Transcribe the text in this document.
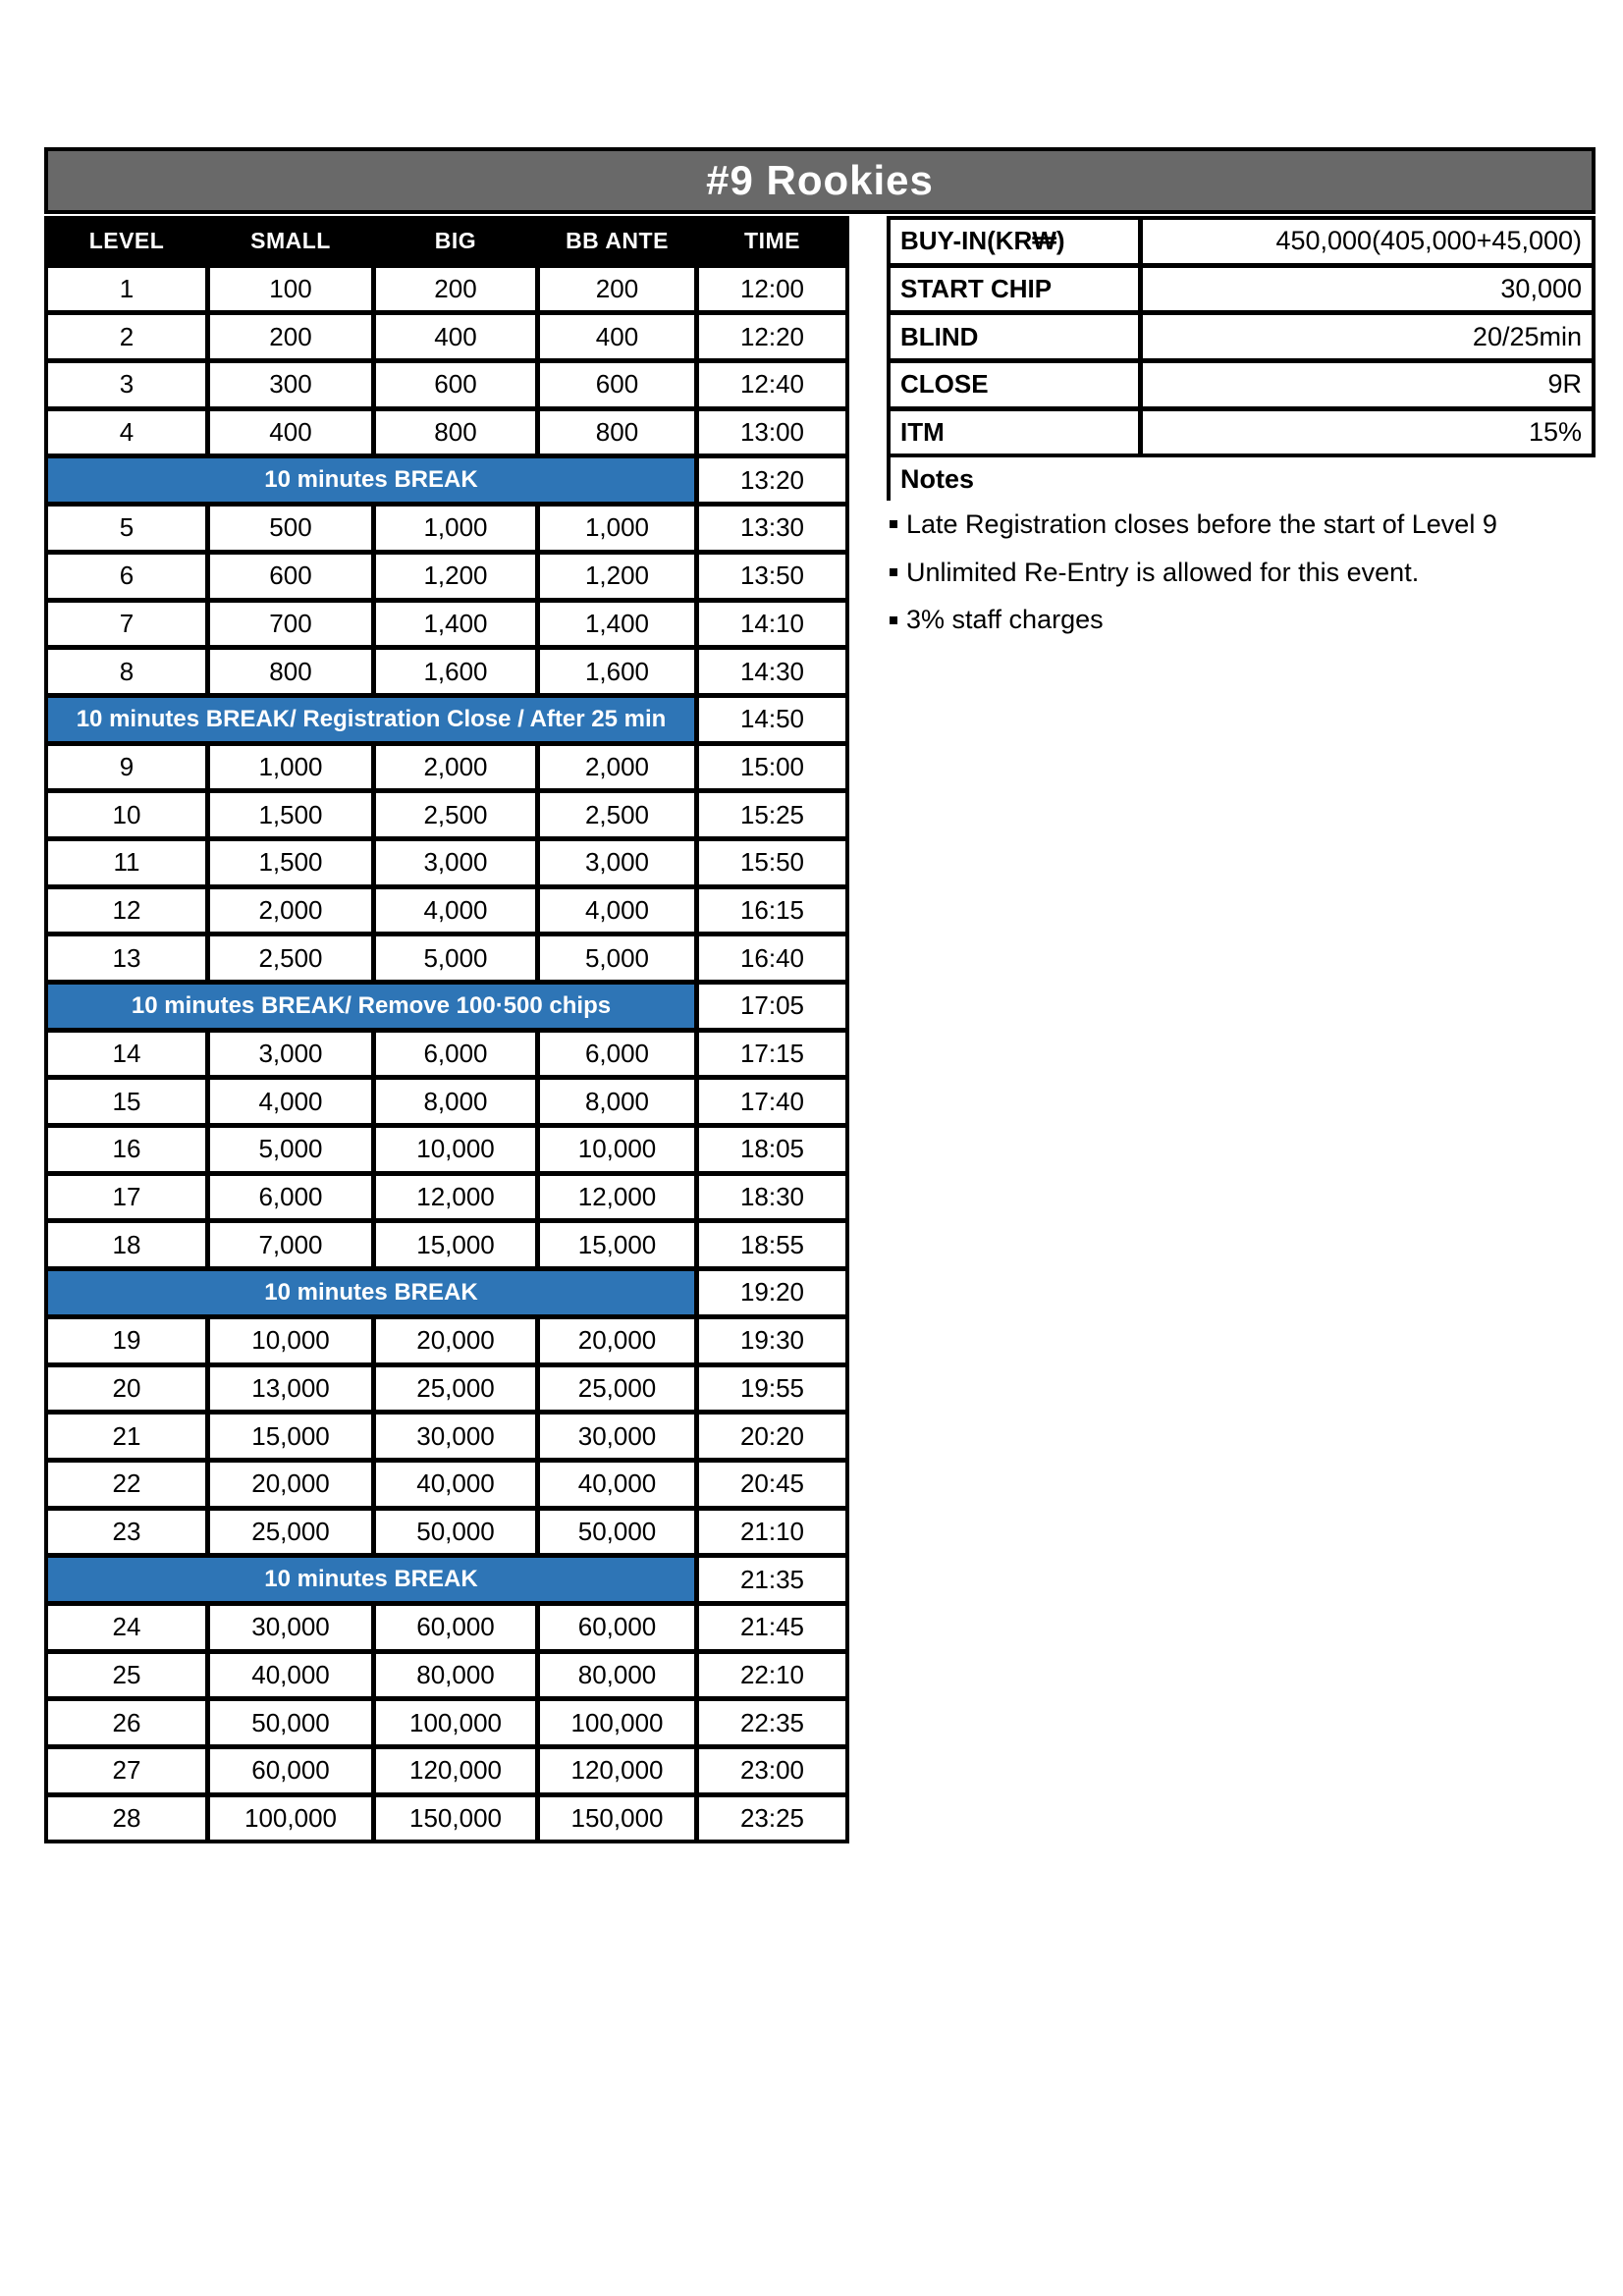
#9 Rookies
LEVEL	SMALL	BIG	BB ANTE	TIME
1	100	200	200	12:00
2	200	400	400	12:20
3	300	600	600	12:40
4	400	800	800	13:00
10 minutes BREAK	13:20
5	500	1,000	1,000	13:30
6	600	1,200	1,200	13:50
7	700	1,400	1,400	14:10
8	800	1,600	1,600	14:30
10 minutes BREAK/ Registration Close / After 25 min	14:50
9	1,000	2,000	2,000	15:00
10	1,500	2,500	2,500	15:25
11	1,500	3,000	3,000	15:50
12	2,000	4,000	4,000	16:15
13	2,500	5,000	5,000	16:40
10 minutes BREAK/ Remove 100·500 chips	17:05
14	3,000	6,000	6,000	17:15
15	4,000	8,000	8,000	17:40
16	5,000	10,000	10,000	18:05
17	6,000	12,000	12,000	18:30
18	7,000	15,000	15,000	18:55
10 minutes BREAK	19:20
19	10,000	20,000	20,000	19:30
20	13,000	25,000	25,000	19:55
21	15,000	30,000	30,000	20:20
22	20,000	40,000	40,000	20:45
23	25,000	50,000	50,000	21:10
10 minutes BREAK	21:35
24	30,000	60,000	60,000	21:45
25	40,000	80,000	80,000	22:10
26	50,000	100,000	100,000	22:35
27	60,000	120,000	120,000	23:00
28	100,000	150,000	150,000	23:25
BUY-IN(KR₩)	450,000(405,000+45,000)
START CHIP	30,000
BLIND	20/25min
CLOSE	9R
ITM	15%
Notes
Late Registration closes before the start of Level 9
Unlimited Re-Entry is allowed for this event.
3% staff charges
